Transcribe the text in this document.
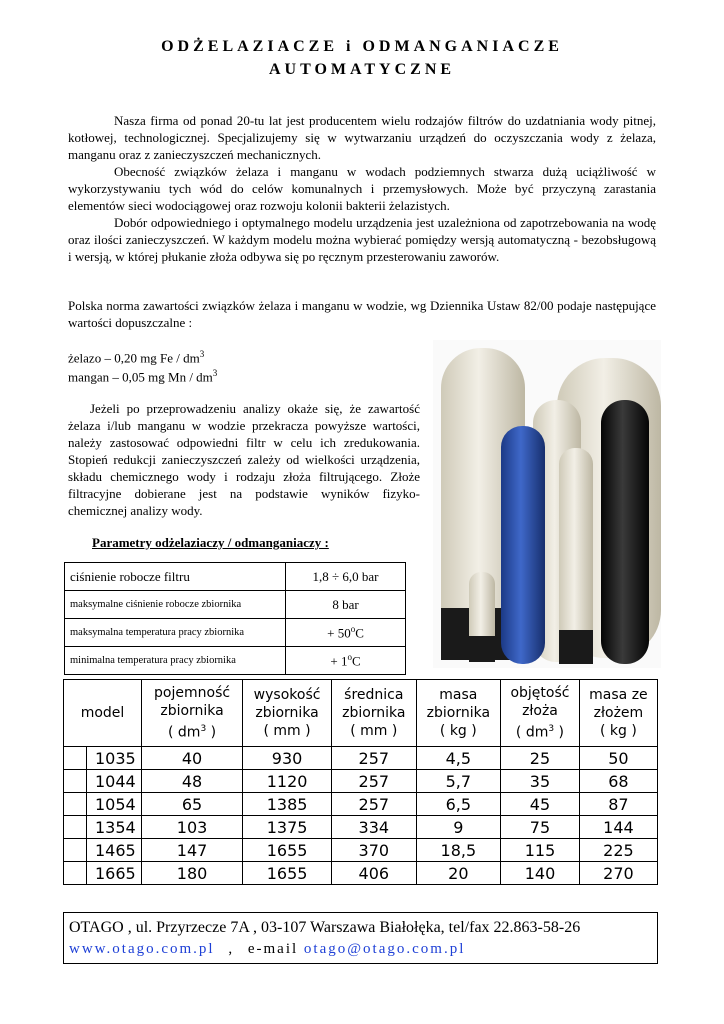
ODŻELAZIACZE i ODMANGANIACZE
AUTOMATYCZNE

Nasza firma od ponad 20-tu lat jest producentem wielu rodzajów filtrów do uzdatniania wody pitnej, kotłowej, technologicznej. Specjalizujemy się w wytwarzaniu urządzeń do oczyszczania wody z żelaza, manganu oraz z zanieczyszczeń mechanicznych.

Obecność związków żelaza i manganu w wodach podziemnych stwarza dużą uciążliwość w wykorzystywaniu tych wód do celów komunalnych i przemysłowych. Może być przyczyną zarastania elementów sieci wodociągowej oraz rozwoju kolonii bakterii żelazistych.

Dobór odpowiedniego i optymalnego modelu urządzenia jest uzależniona od zapotrzebowania na wodę oraz ilości zanieczyszczeń. W każdym modelu można wybierać pomiędzy wersją automatyczną - bezobsługową i wersją, w której płukanie złoża odbywa się po ręcznym przesterowaniu zaworów.

Polska norma zawartości związków żelaza i manganu w wodzie, wg Dziennika Ustaw 82/00 podaje następujące wartości dopuszczalne :
żelazo – 0,20 mg Fe / $dm^3$
mangan – 0,05 mg Mn / $dm^3$
Jeżeli po przeprowadzeniu analizy okaże się, że zawartość żelaza i/lub manganu w wodzie przekracza powyższe wartości, należy zastosować odpowiedni filtr w celu ich zredukowania. Stopień redukcji zanieczyszczeń zależy od wielkości urządzenia, składu chemicznego wody i rodzaju złoża filtrującego. Złoże filtracyjne dobierane jest na podstawie wyników fizyko-chemicznej analizy wody.
Parametry odżelaziaczy / odmanganiaczy :
ciśnienie robocze filtru	1,8 ÷ 6,0 bar
maksymalne ciśnienie robocze zbiornika	8 bar
maksymalna temperatura pracy zbiornika	+ $50^oC$
minimalna temperatura pracy zbiornika	+ $1^oC$
model		pojemność
zbiornika
( $dm^3$ )	wysokość
zbiornika
( mm )	średnica
zbiornika
( mm )	masa
zbiornika
( kg )	objętość
złoża
( $dm^3$ )	masa ze
złożem
( kg )
	1035	40	930	257	4,5	25	50
	1044	48	1120	257	5,7	35	68
	1054	65	1385	257	6,5	45	87
	1354	103	1375	334	9	75	144
	1465	147	1655	370	18,5	115	225
	1665	180	1655	406	20	140	270
OTAGO , ul. Przyrzecze 7A , 03-107 Warszawa Białołęka, tel/fax 22.863-58-26
www.otago.com.pl , e-mail otago@otago.com.pl
